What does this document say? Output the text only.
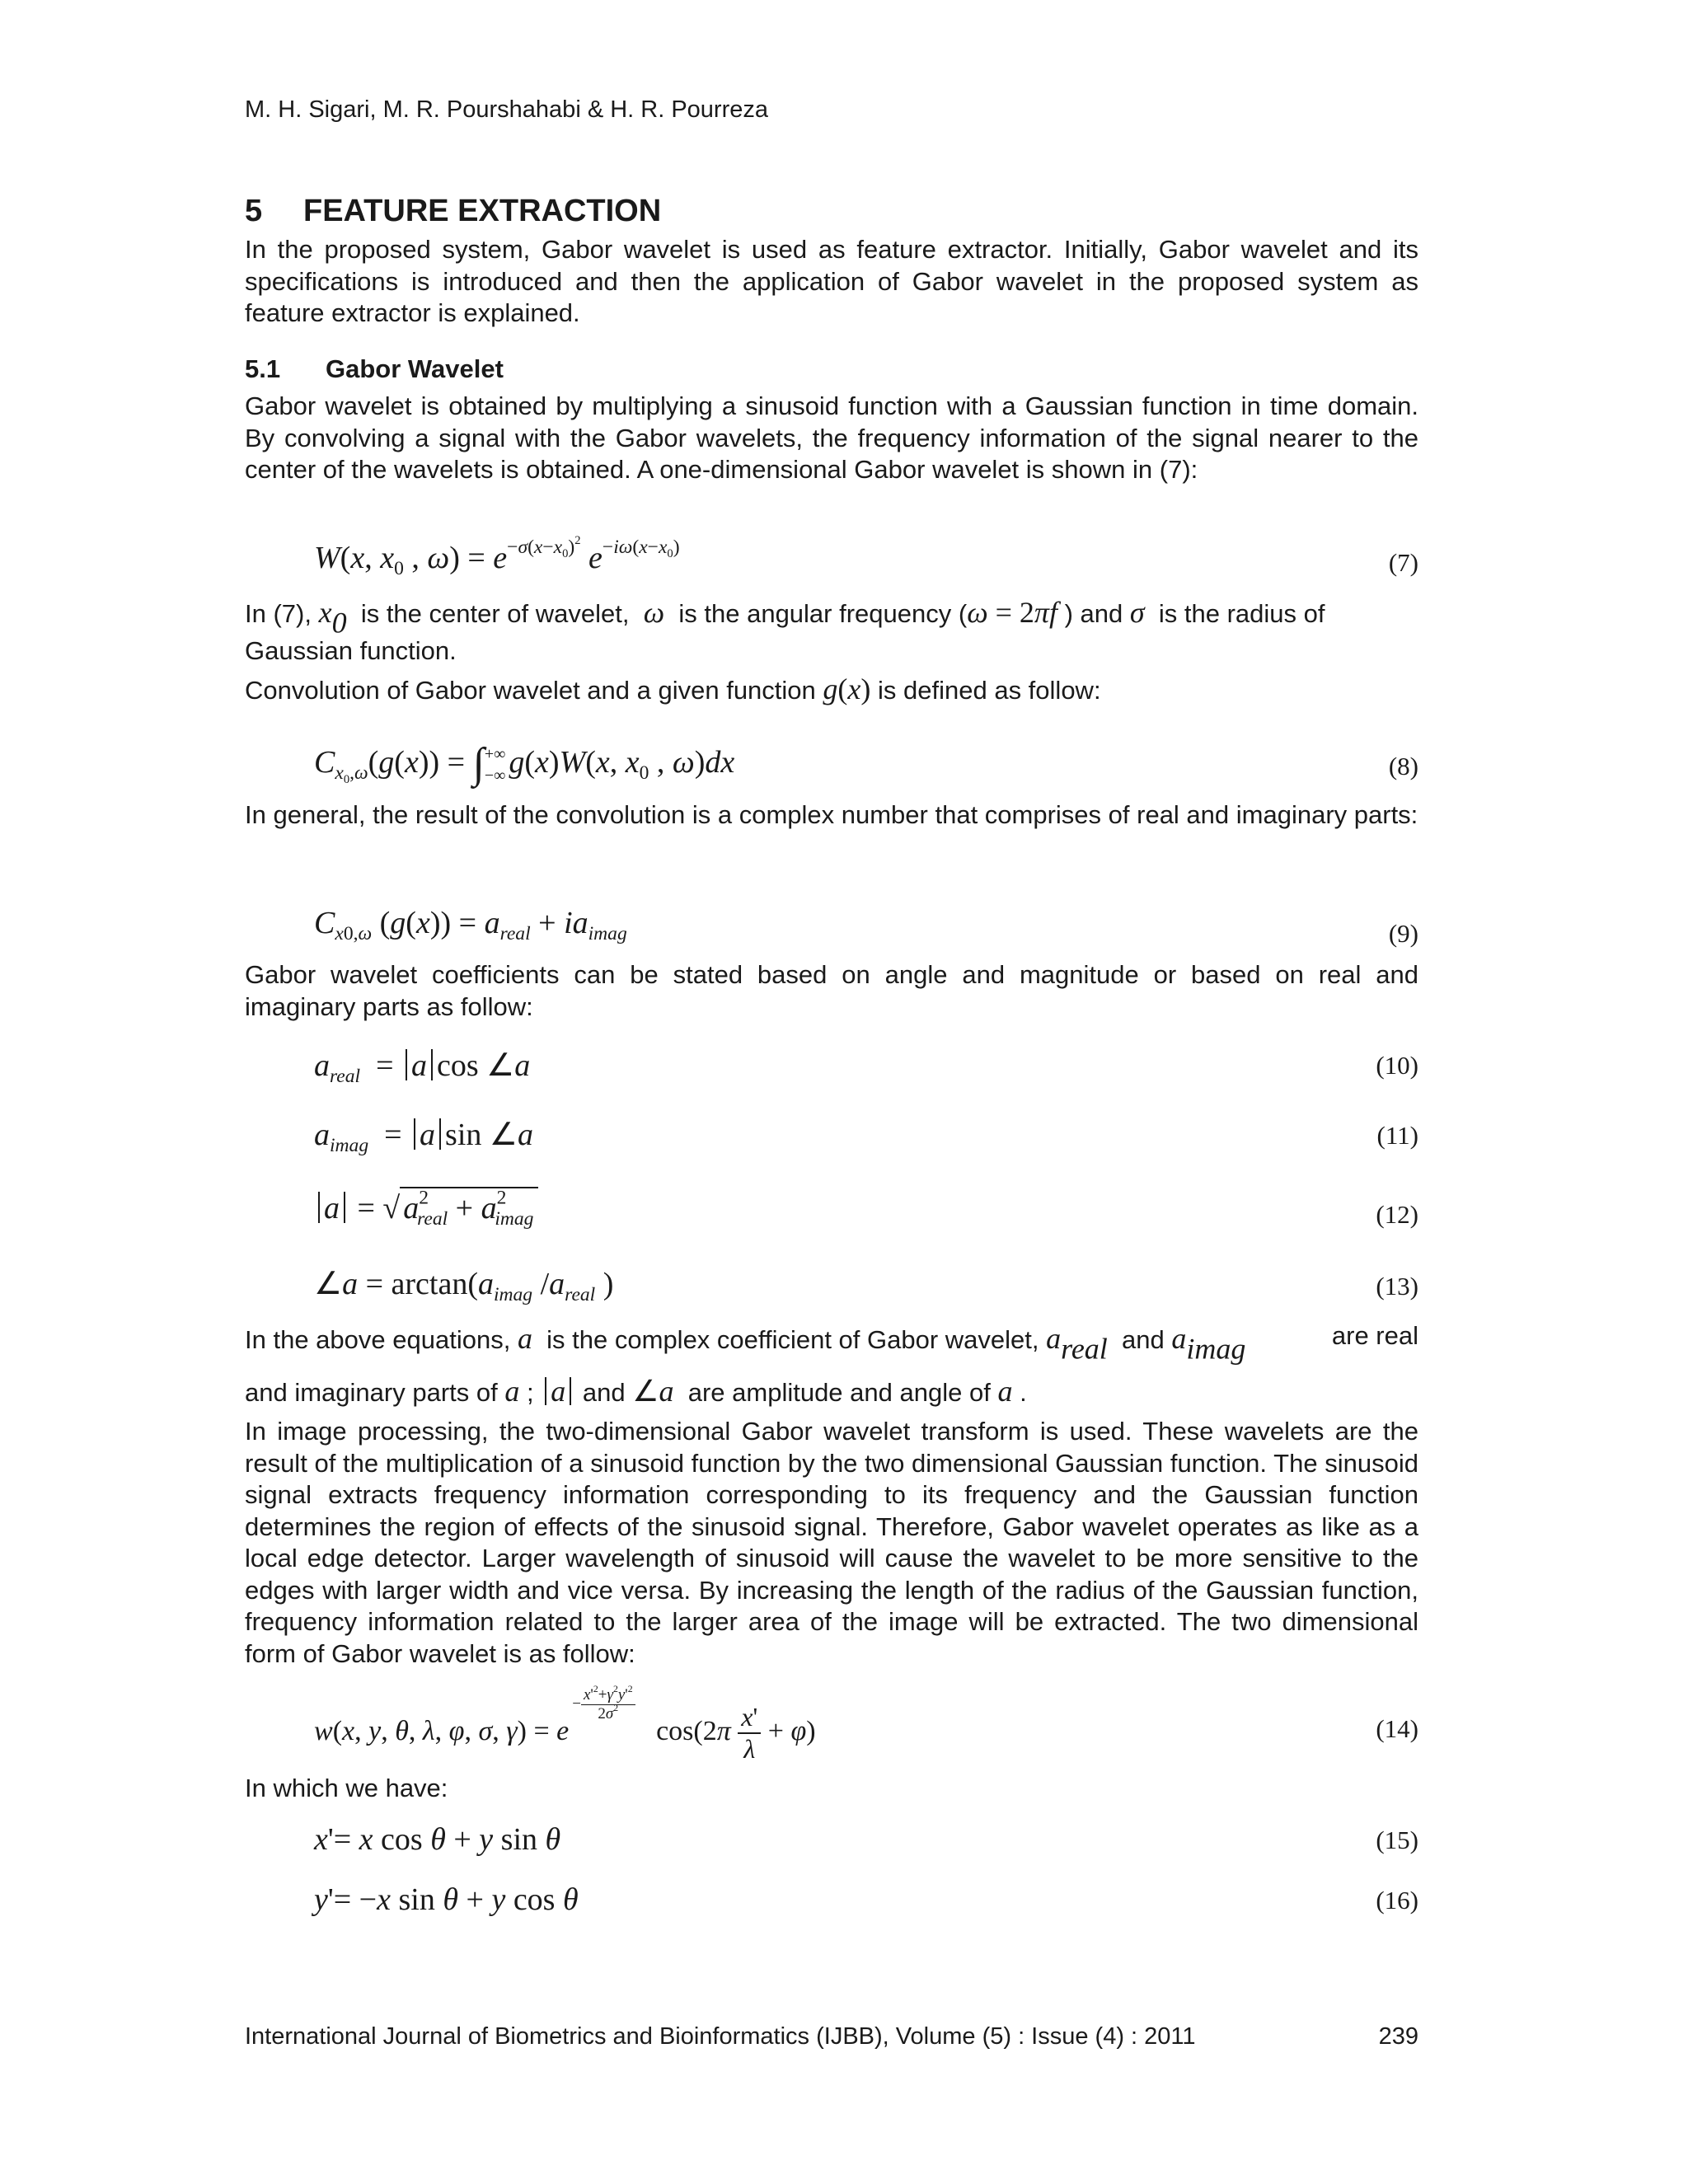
M. H. Sigari, M. R. Pourshahabi & H. R. Pourreza
5 FEATURE EXTRACTION

In the proposed system, Gabor wavelet is used as feature extractor. Initially, Gabor wavelet and its specifications is introduced and then the application of Gabor wavelet in the proposed system as feature extractor is explained.

5.1 Gabor Wavelet

Gabor wavelet is obtained by multiplying a sinusoid function with a Gaussian function in time domain. By convolving a signal with the Gabor wavelets, the frequency information of the signal nearer to the center of the wavelets is obtained. A one-dimensional Gabor wavelet is shown in (7):

W(x, $x_0$ , $\omega) = e^{-\sigma(x-x_0)^2}$ $e^{-i\omega(x-x_0)}$
(7)
In (7), $x_0$ is the center of wavelet, ω is the angular frequency (ω = 2πf ) and σ is the radius of
Gaussian function.
Convolution of Gabor wavelet and a given function g(x) is defined as follow:
$C_{x_0,\omega}(g(x))$ = ∫+∞
−∞ g(x)W(x, $x_0$ , ω)dx	(8)

In general, the result of the convolution is a complex number that comprises of real and imaginary parts:

$C_{x0,\omega}$ $(g(x)) = a_{real} + ia_{imag}$	(9)

Gabor wavelet coefficients can be stated based on angle and magnitude or based on real and imaginary parts as follow:

$a_{real} = a$ cos ∠a	(10)
$a_{imag} = a$ sin ∠a	(11)
a = √ $a^2_{real} + a^2_{imag}$	(12)
∠a = $\arctan(a_{imag}$ $/a_{real}$ )	(13)
In the above equations, a is the complex coefficient of Gabor wavelet, $a_{real}$ and $a_{imag}$	are real
and imaginary parts of a ; a and ∠a are amplitude and angle of a .

In image processing, the two-dimensional Gabor wavelet transform is used. These wavelets are the result of the multiplication of a sinusoid function by the two dimensional Gaussian function. The sinusoid signal extracts frequency information corresponding to its frequency and the Gaussian function determines the region of effects of the sinusoid signal. Therefore, Gabor wavelet operates as like as a local edge detector. Larger wavelength of sinusoid will cause the wavelet to be more sensitive to the edges with larger width and vice versa. By increasing the length of the radius of the Gaussian function, frequency information related to the larger area of the image will be extracted. The two dimensional form of Gabor wavelet is as follow:

w(x, y, θ, λ, φ, σ, $\gamma) = e- \frac{x'^2+\gamma^2y'^2}{2\sigma^2}$
$\cos(2\pi \frac{x'}{\lambda} + \varphi)$	(14)
In which we have:
x'= x cos θ + y sin θ	(15)
y'= −x sin θ + y cos θ	(16)
International Journal of Biometrics and Bioinformatics (IJBB), Volume (5) : Issue (4) : 2011	239
